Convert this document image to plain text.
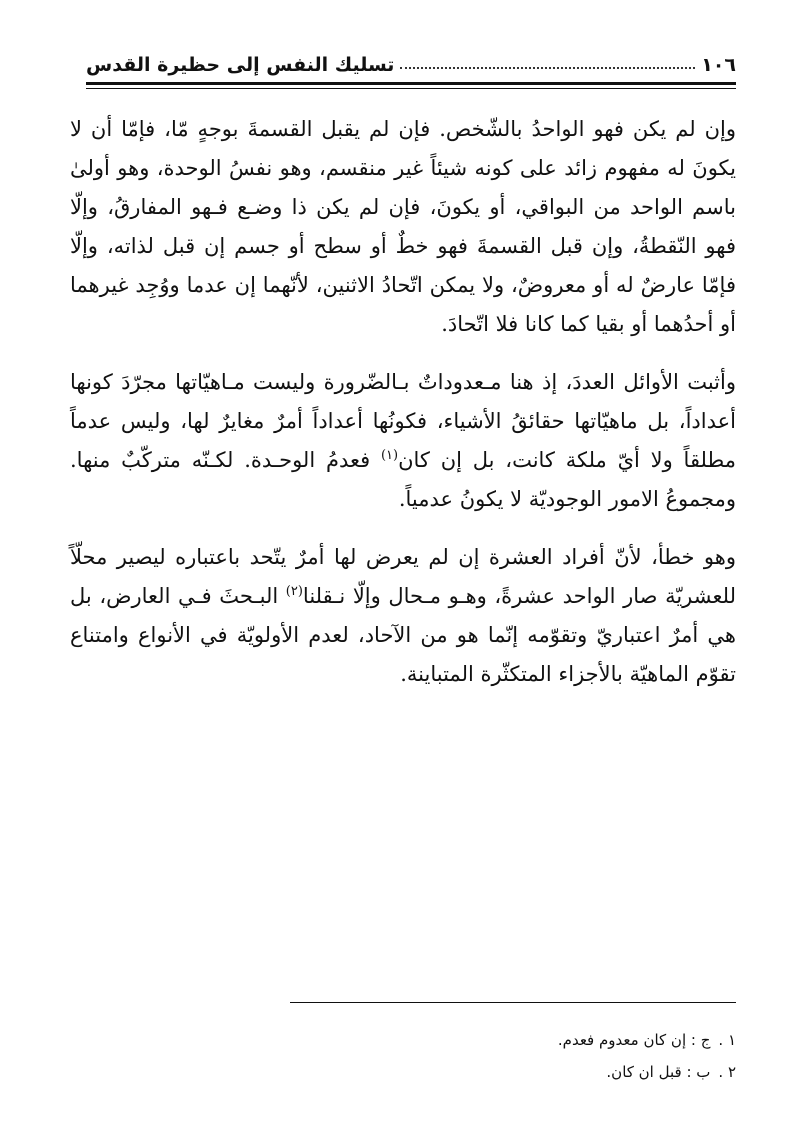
١٠٦
تسليك النفس إلى حظيرة القدس

وإن لم يكن فهو الواحدُ بالشّخص. فإن لم يقبل القسمةَ بوجهٍ مّا، فإمّا أن لا يكونَ له مفهوم زائد على كونه شيئاً غير منقسم، وهو نفسُ الوحدة، وهو أولىٰ باسم الواحد من البواقي، أو يكونَ، فإن لم يكن ذا وضـع فـهو المفارقُ، وإلّا فهو النّقطةُ، وإن قبل القسمةَ فهو خطٌ أو سطح أو جسم إن قبل لذاته، وإلّا فإمّا عارضٌ له أو معروضٌ، ولا يمكن اتّحادُ الاثنين، لأنّهما إن عدما ووُجِد غيرهما أو أحدُهما أو بقيا كما كانا فلا اتّحادَ.

وأثبت الأوائل العددَ، إذ هنا مـعدوداتٌ بـالضّرورة وليست مـاهيّاتها مجرّدَ كونها أعداداً، بل ماهيّاتها حقائقُ الأشياء، فكونُها أعداداً أمرٌ مغايرٌ لها، وليس عدماً مطلقاً ولا أيّ ملكة كانت، بل إن كان$^{(١)}$ فعدمُ الوحـدة. لكـنّه متركّبٌ منها. ومجموعُ الامور الوجوديّة لا يكونُ عدمياً.

وهو خطأ، لأنّ أفراد العشرة إن لم يعرض لها أمرٌ يتّحد باعتباره ليصير محلّاً للعشريّة صار الواحد عشرةً، وهـو مـحال وإلّا نـقلنا$^{(٢)}$ البـحثَ فـي العارض، بل هي أمرٌ اعتباريّ وتقوّمه إنّما هو من الآحاد، لعدم الأولويّة في الأنواع وامتناع تقوّم الماهيّة بالأجزاء المتكثّرة المتباينة.

١ .
ج : إن كان معدوم فعدم.
٢ .
ب : قبل ان كان.
